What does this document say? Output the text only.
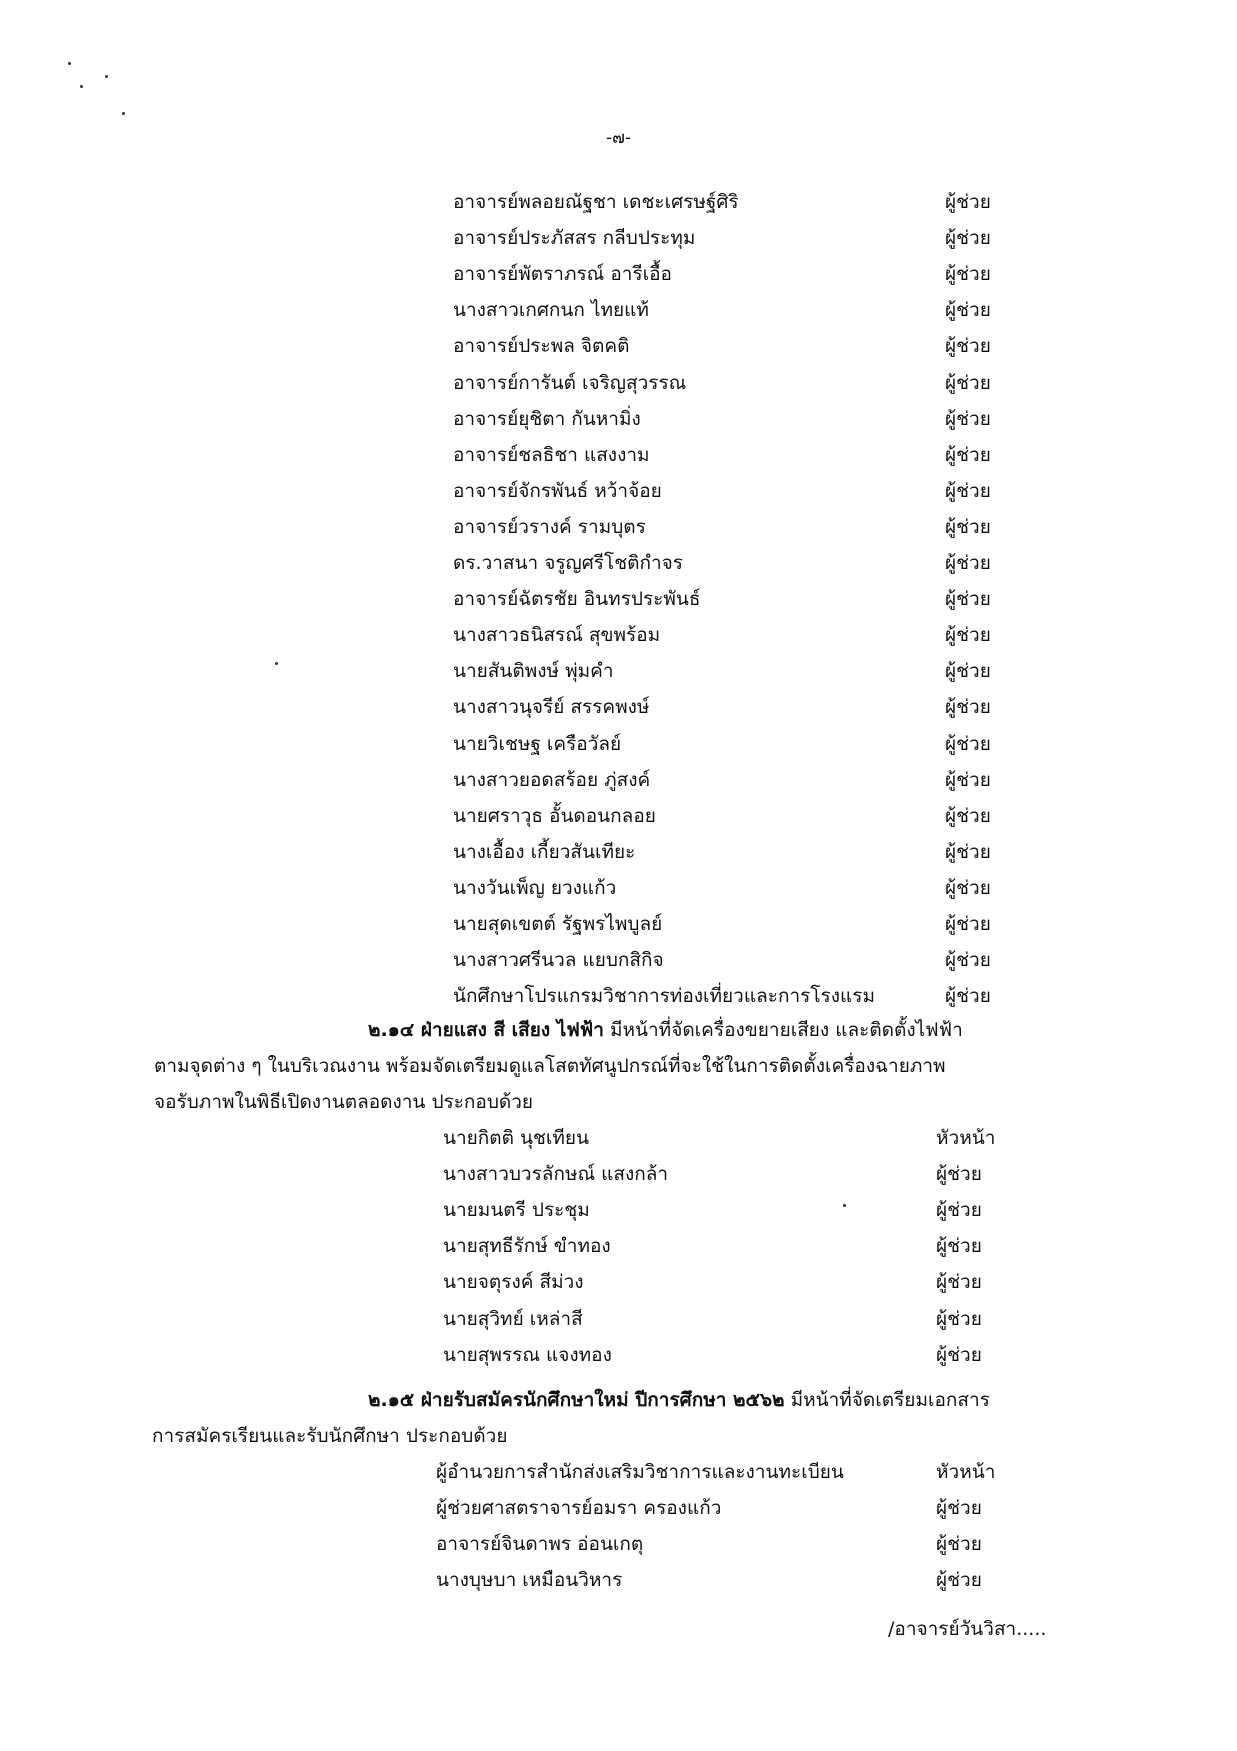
-๗-
อาจารย์พลอยณัฐชา เดชะเศรษฐ์ศิริ	ผู้ช่วย
อาจารย์ประภัสสร กลีบประทุม	ผู้ช่วย
อาจารย์พัตราภรณ์ อารีเอื้อ	ผู้ช่วย
นางสาวเกศกนก ไทยแท้	ผู้ช่วย
อาจารย์ประพล จิตคติ	ผู้ช่วย
อาจารย์การันต์ เจริญสุวรรณ	ผู้ช่วย
อาจารย์ยุชิตา กันหามิ่ง	ผู้ช่วย
อาจารย์ชลธิชา แสงงาม	ผู้ช่วย
อาจารย์จักรพันธ์ หว้าจ้อย	ผู้ช่วย
อาจารย์วรางค์ รามบุตร	ผู้ช่วย
ดร.วาสนา จรูญศรีโชติกำจร	ผู้ช่วย
อาจารย์ฉัตรชัย อินทรประพันธ์	ผู้ช่วย
นางสาวธนิสรณ์ สุขพร้อม	ผู้ช่วย
นายสันติพงษ์ พุ่มคำ	ผู้ช่วย
นางสาวนุจรีย์ สรรคพงษ์	ผู้ช่วย
นายวิเชษฐ เครือวัลย์	ผู้ช่วย
นางสาวยอดสร้อย ภู่สงค์	ผู้ช่วย
นายศราวุธ อั้นดอนกลอย	ผู้ช่วย
นางเอื้อง เกี้ยวสันเทียะ	ผู้ช่วย
นางวันเพ็ญ ยวงแก้ว	ผู้ช่วย
นายสุดเขตต์ รัฐพรไพบูลย์	ผู้ช่วย
นางสาวศรีนวล แยบกสิกิจ	ผู้ช่วย
นักศึกษาโปรแกรมวิชาการท่องเที่ยวและการโรงแรม	ผู้ช่วย
๒.๑๔ ฝ่ายแสง สี เสียง ไฟฟ้า มีหน้าที่จัดเครื่องขยายเสียง และติดตั้งไฟฟ้า
ตามจุดต่าง ๆ ในบริเวณงาน พร้อมจัดเตรียมดูแลโสตทัศนูปกรณ์ที่จะใช้ในการติดตั้งเครื่องฉายภาพ
จอรับภาพในพิธีเปิดงานตลอดงาน ประกอบด้วย
นายกิตติ นุชเทียน	หัวหน้า
นางสาวบวรลักษณ์ แสงกล้า	ผู้ช่วย
นายมนตรี ประชุม	ผู้ช่วย
นายสุทธีรักษ์ ขำทอง	ผู้ช่วย
นายจตุรงค์ สีม่วง	ผู้ช่วย
นายสุวิทย์ เหล่าสี	ผู้ช่วย
นายสุพรรณ แจงทอง	ผู้ช่วย
๒.๑๕ ฝ่ายรับสมัครนักศึกษาใหม่ ปีการศึกษา ๒๕๖๒ มีหน้าที่จัดเตรียมเอกสาร
การสมัครเรียนและรับนักศึกษา ประกอบด้วย
ผู้อำนวยการสำนักส่งเสริมวิชาการและงานทะเบียน	หัวหน้า
ผู้ช่วยศาสตราจารย์อมรา ครองแก้ว	ผู้ช่วย
อาจารย์จินดาพร อ่อนเกตุ	ผู้ช่วย
นางบุษบา เหมือนวิหาร	ผู้ช่วย
/อาจารย์วันวิสา.....
